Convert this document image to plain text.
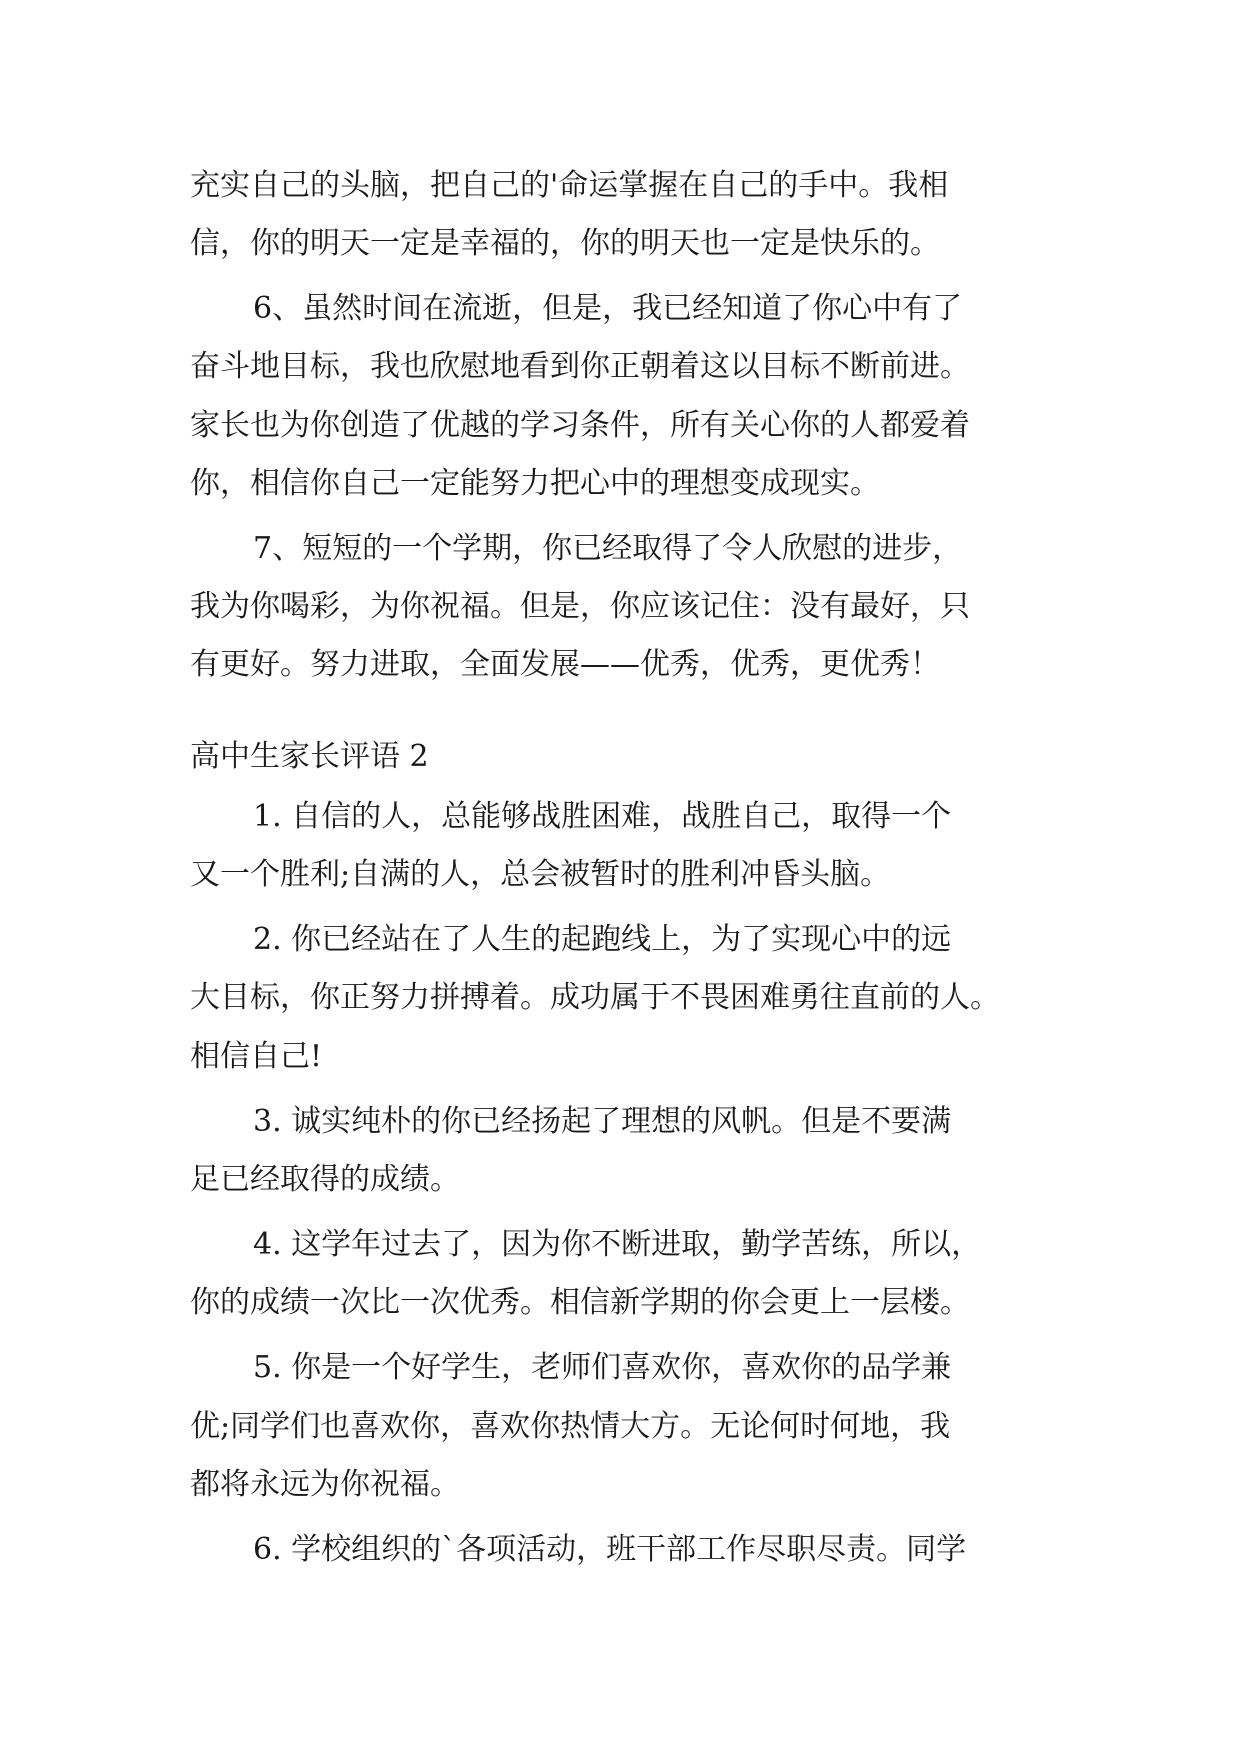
充实自己的头脑，把自己的'命运掌握在自己的手中。我相
信，你的明天一定是幸福的，你的明天也一定是快乐的。
6、虽然时间在流逝，但是，我已经知道了你心中有了
奋斗地目标，我也欣慰地看到你正朝着这以目标不断前进。
家长也为你创造了优越的学习条件，所有关心你的人都爱着
你，相信你自己一定能努力把心中的理想变成现实。
7、短短的一个学期，你已经取得了令人欣慰的进步，
我为你喝彩，为你祝福。但是，你应该记住：没有最好，只
有更好。努力进取，全面发展——优秀，优秀，更优秀！
高中生家长评语 2
1. 自信的人，总能够战胜困难，战胜自己，取得一个
又一个胜利;自满的人，总会被暂时的胜利冲昏头脑。
2. 你已经站在了人生的起跑线上，为了实现心中的远
大目标，你正努力拼搏着。成功属于不畏困难勇往直前的人。
相信自己!
3. 诚实纯朴的你已经扬起了理想的风帆。但是不要满
足已经取得的成绩。
4. 这学年过去了，因为你不断进取，勤学苦练，所以，
你的成绩一次比一次优秀。相信新学期的你会更上一层楼。
5. 你是一个好学生，老师们喜欢你，喜欢你的品学兼
优;同学们也喜欢你，喜欢你热情大方。无论何时何地，我
都将永远为你祝福。
6. 学校组织的`各项活动，班干部工作尽职尽责。同学
